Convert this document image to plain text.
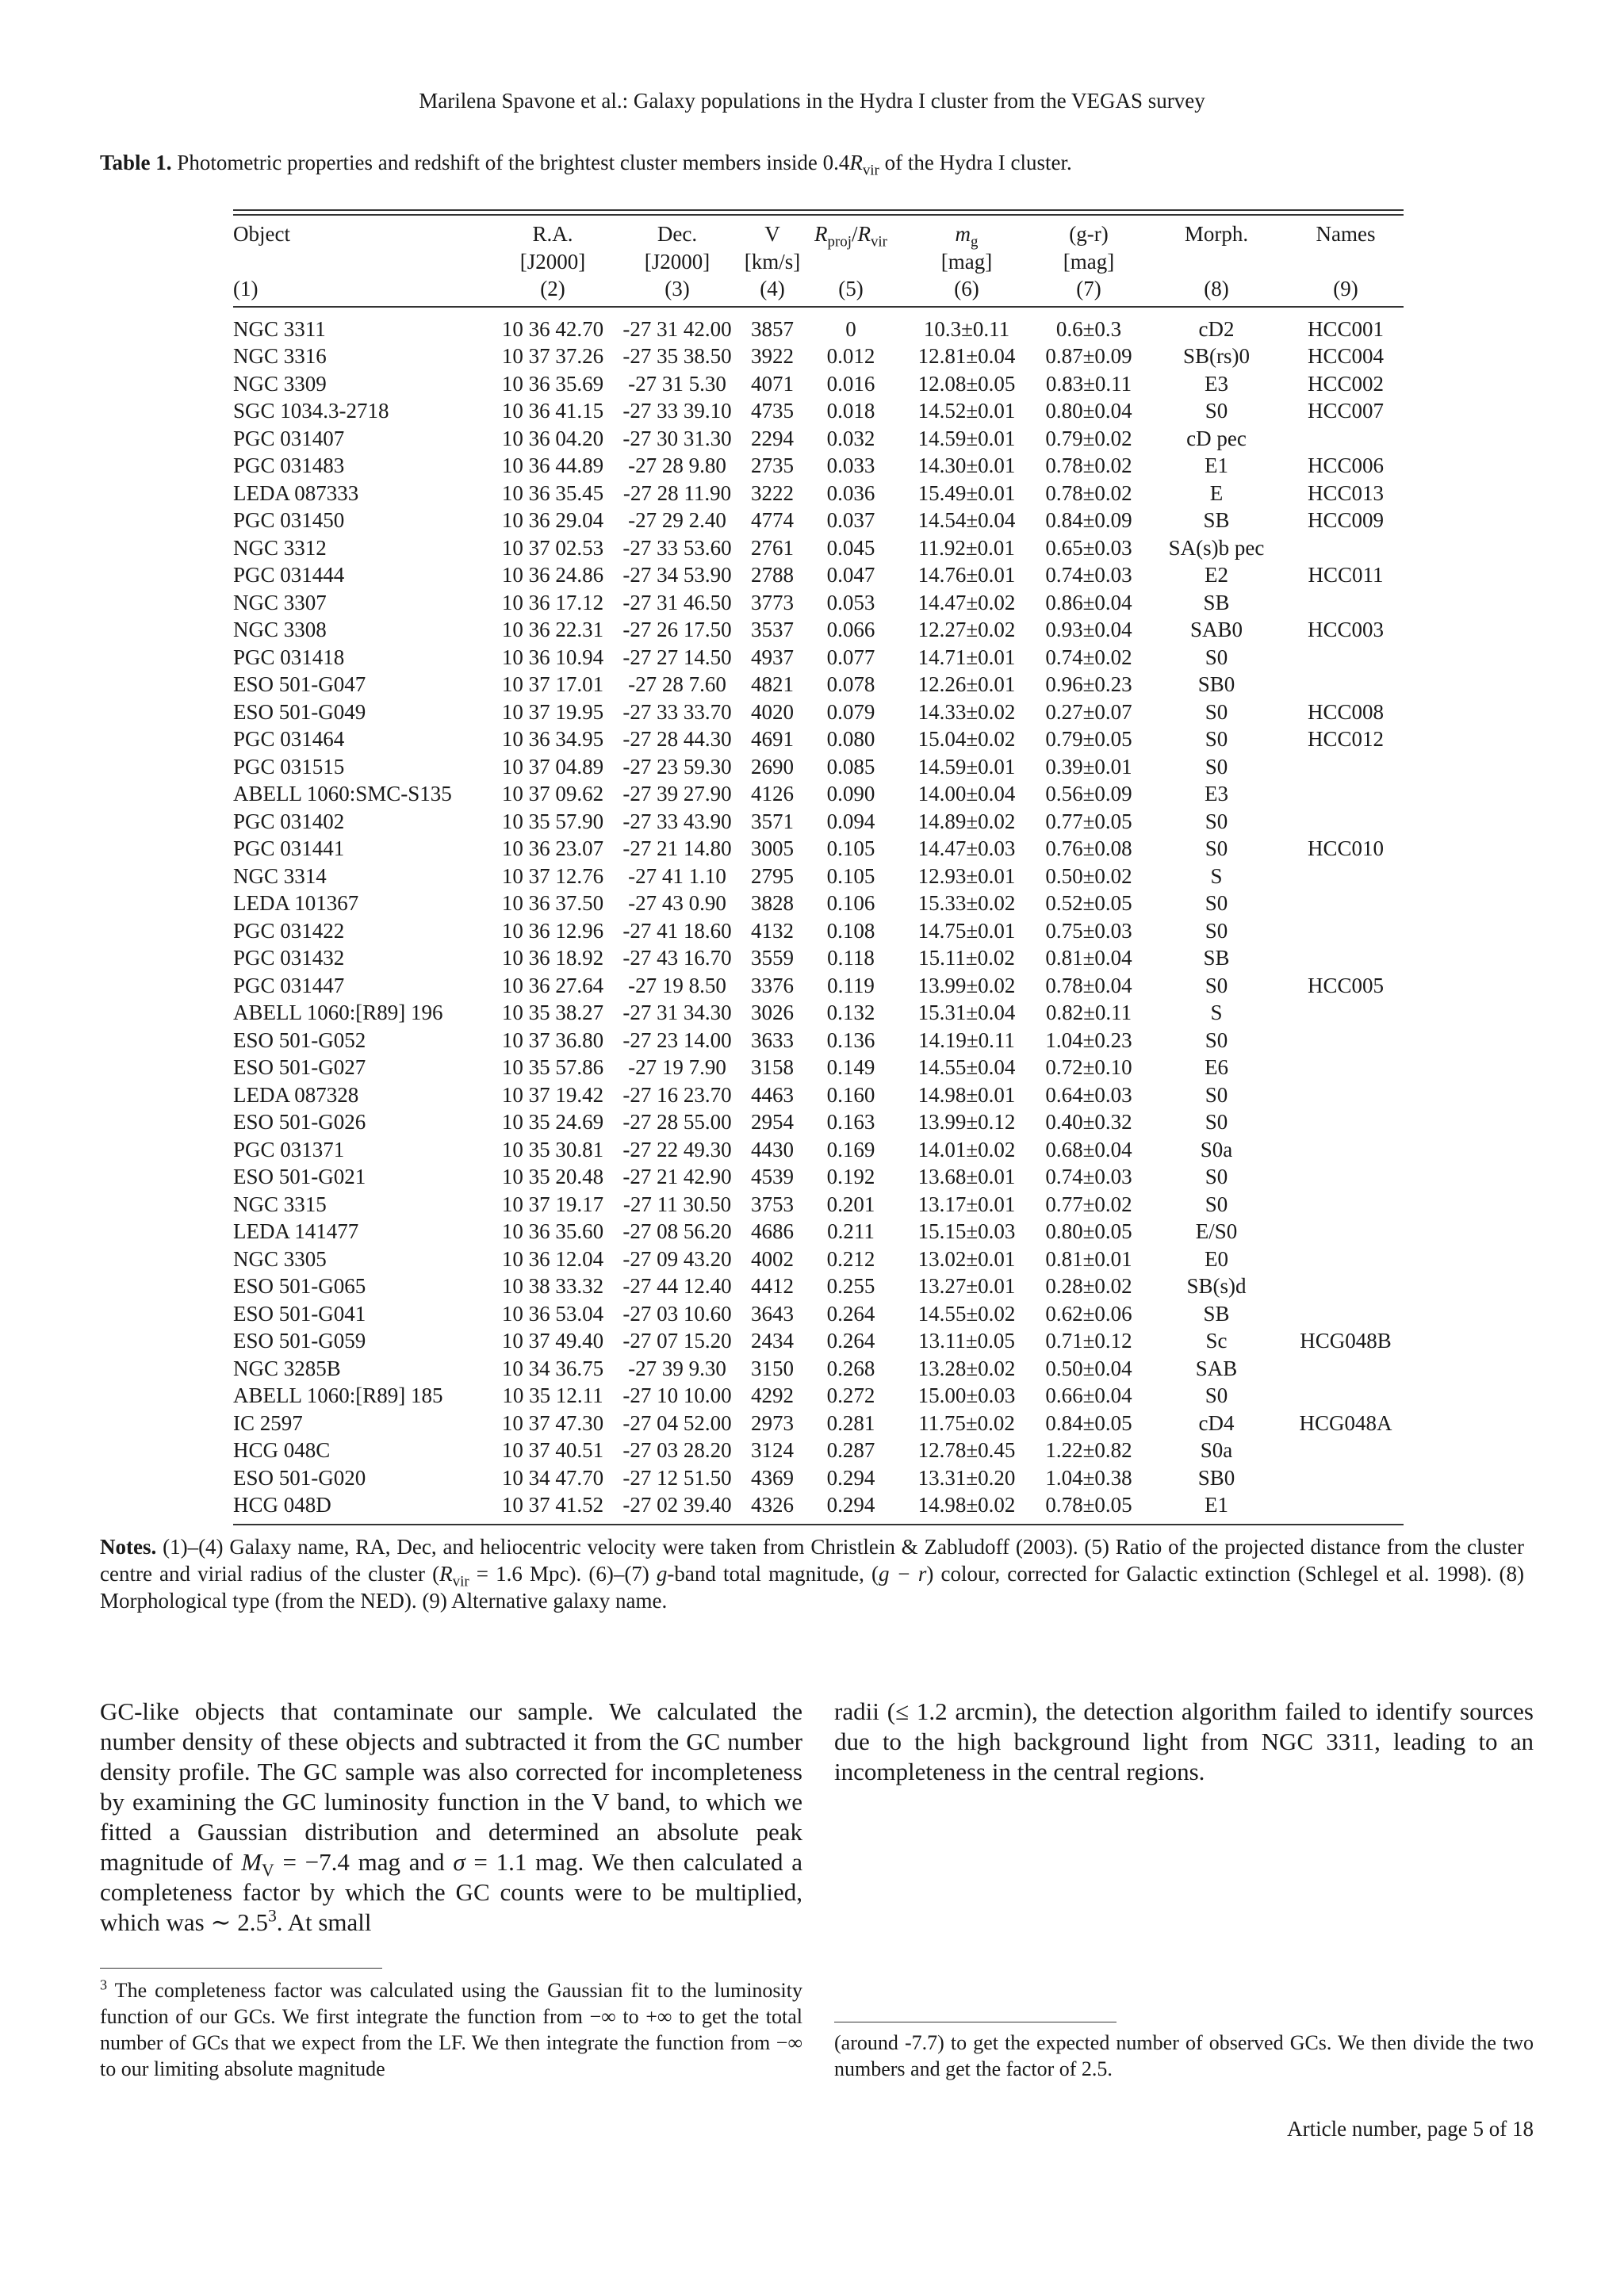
Marilena Spavone et al.: Galaxy populations in the Hydra I cluster from the VEGAS survey
Table 1. Photometric properties and redshift of the brightest cluster members inside $0.4R_{vir}$ of the Hydra I cluster.
Object	R.A.	Dec.	V	$R_{proj}/R_{vir}$	$m_g$	(g-r)	Morph.	Names
	[J2000]	[J2000]	[km/s]		[mag]	[mag]		
(1)	(2)	(3)	(4)	(5)	(6)	(7)	(8)	(9)
NGC 3311	10 36 42.70	-27 31 42.00	3857	0	10.3±0.11	0.6±0.3	cD2	HCC001
NGC 3316	10 37 37.26	-27 35 38.50	3922	0.012	12.81±0.04	0.87±0.09	SB(rs)0	HCC004
NGC 3309	10 36 35.69	-27 31 5.30	4071	0.016	12.08±0.05	0.83±0.11	E3	HCC002
SGC 1034.3-2718	10 36 41.15	-27 33 39.10	4735	0.018	14.52±0.01	0.80±0.04	S0	HCC007
PGC 031407	10 36 04.20	-27 30 31.30	2294	0.032	14.59±0.01	0.79±0.02	cD pec	
PGC 031483	10 36 44.89	-27 28 9.80	2735	0.033	14.30±0.01	0.78±0.02	E1	HCC006
LEDA 087333	10 36 35.45	-27 28 11.90	3222	0.036	15.49±0.01	0.78±0.02	E	HCC013
PGC 031450	10 36 29.04	-27 29 2.40	4774	0.037	14.54±0.04	0.84±0.09	SB	HCC009
NGC 3312	10 37 02.53	-27 33 53.60	2761	0.045	11.92±0.01	0.65±0.03	SA(s)b pec	
PGC 031444	10 36 24.86	-27 34 53.90	2788	0.047	14.76±0.01	0.74±0.03	E2	HCC011
NGC 3307	10 36 17.12	-27 31 46.50	3773	0.053	14.47±0.02	0.86±0.04	SB	
NGC 3308	10 36 22.31	-27 26 17.50	3537	0.066	12.27±0.02	0.93±0.04	SAB0	HCC003
PGC 031418	10 36 10.94	-27 27 14.50	4937	0.077	14.71±0.01	0.74±0.02	S0	
ESO 501-G047	10 37 17.01	-27 28 7.60	4821	0.078	12.26±0.01	0.96±0.23	SB0	
ESO 501-G049	10 37 19.95	-27 33 33.70	4020	0.079	14.33±0.02	0.27±0.07	S0	HCC008
PGC 031464	10 36 34.95	-27 28 44.30	4691	0.080	15.04±0.02	0.79±0.05	S0	HCC012
PGC 031515	10 37 04.89	-27 23 59.30	2690	0.085	14.59±0.01	0.39±0.01	S0	
ABELL 1060:SMC-S135	10 37 09.62	-27 39 27.90	4126	0.090	14.00±0.04	0.56±0.09	E3	
PGC 031402	10 35 57.90	-27 33 43.90	3571	0.094	14.89±0.02	0.77±0.05	S0	
PGC 031441	10 36 23.07	-27 21 14.80	3005	0.105	14.47±0.03	0.76±0.08	S0	HCC010
NGC 3314	10 37 12.76	-27 41 1.10	2795	0.105	12.93±0.01	0.50±0.02	S	
LEDA 101367	10 36 37.50	-27 43 0.90	3828	0.106	15.33±0.02	0.52±0.05	S0	
PGC 031422	10 36 12.96	-27 41 18.60	4132	0.108	14.75±0.01	0.75±0.03	S0	
PGC 031432	10 36 18.92	-27 43 16.70	3559	0.118	15.11±0.02	0.81±0.04	SB	
PGC 031447	10 36 27.64	-27 19 8.50	3376	0.119	13.99±0.02	0.78±0.04	S0	HCC005
ABELL 1060:[R89] 196	10 35 38.27	-27 31 34.30	3026	0.132	15.31±0.04	0.82±0.11	S	
ESO 501-G052	10 37 36.80	-27 23 14.00	3633	0.136	14.19±0.11	1.04±0.23	S0	
ESO 501-G027	10 35 57.86	-27 19 7.90	3158	0.149	14.55±0.04	0.72±0.10	E6	
LEDA 087328	10 37 19.42	-27 16 23.70	4463	0.160	14.98±0.01	0.64±0.03	S0	
ESO 501-G026	10 35 24.69	-27 28 55.00	2954	0.163	13.99±0.12	0.40±0.32	S0	
PGC 031371	10 35 30.81	-27 22 49.30	4430	0.169	14.01±0.02	0.68±0.04	S0a	
ESO 501-G021	10 35 20.48	-27 21 42.90	4539	0.192	13.68±0.01	0.74±0.03	S0	
NGC 3315	10 37 19.17	-27 11 30.50	3753	0.201	13.17±0.01	0.77±0.02	S0	
LEDA 141477	10 36 35.60	-27 08 56.20	4686	0.211	15.15±0.03	0.80±0.05	E/S0	
NGC 3305	10 36 12.04	-27 09 43.20	4002	0.212	13.02±0.01	0.81±0.01	E0	
ESO 501-G065	10 38 33.32	-27 44 12.40	4412	0.255	13.27±0.01	0.28±0.02	SB(s)d	
ESO 501-G041	10 36 53.04	-27 03 10.60	3643	0.264	14.55±0.02	0.62±0.06	SB	
ESO 501-G059	10 37 49.40	-27 07 15.20	2434	0.264	13.11±0.05	0.71±0.12	Sc	HCG048B
NGC 3285B	10 34 36.75	-27 39 9.30	3150	0.268	13.28±0.02	0.50±0.04	SAB	
ABELL 1060:[R89] 185	10 35 12.11	-27 10 10.00	4292	0.272	15.00±0.03	0.66±0.04	S0	
IC 2597	10 37 47.30	-27 04 52.00	2973	0.281	11.75±0.02	0.84±0.05	cD4	HCG048A
HCG 048C	10 37 40.51	-27 03 28.20	3124	0.287	12.78±0.45	1.22±0.82	S0a	
ESO 501-G020	10 34 47.70	-27 12 51.50	4369	0.294	13.31±0.20	1.04±0.38	SB0	
HCG 048D	10 37 41.52	-27 02 39.40	4326	0.294	14.98±0.02	0.78±0.05	E1	
Notes. (1)–(4) Galaxy name, RA, Dec, and heliocentric velocity were taken from Christlein & Zabludoff (2003). (5) Ratio of the projected distance from the cluster centre and virial radius of the cluster ($R_{vir} = 1.6$ Mpc). (6)–(7) g-band total magnitude, (g − r) colour, corrected for Galactic extinction (Schlegel et al. 1998). (8) Morphological type (from the NED). (9) Alternative galaxy name.
GC-like objects that contaminate our sample. We calculated the number density of these objects and subtracted it from the GC number density profile. The GC sample was also corrected for incompleteness by examining the GC luminosity function in the V band, to which we fitted a Gaussian distribution and determined an absolute peak magnitude of $M_V = -7.4$ mag and σ = 1.1 mag. We then calculated a completeness factor by which the GC counts were to be multiplied, which was ∼ $2.5^3$. At small
radii (≤ 1.2 arcmin), the detection algorithm failed to identify sources due to the high background light from NGC 3311, leading to an incompleteness in the central regions.
$^3$ The completeness factor was calculated using the Gaussian fit to the luminosity function of our GCs. We first integrate the function from −∞ to +∞ to get the total number of GCs that we expect from the LF. We then integrate the function from −∞ to our limiting absolute magnitude
(around -7.7) to get the expected number of observed GCs. We then divide the two numbers and get the factor of 2.5.
Article number, page 5 of 18
